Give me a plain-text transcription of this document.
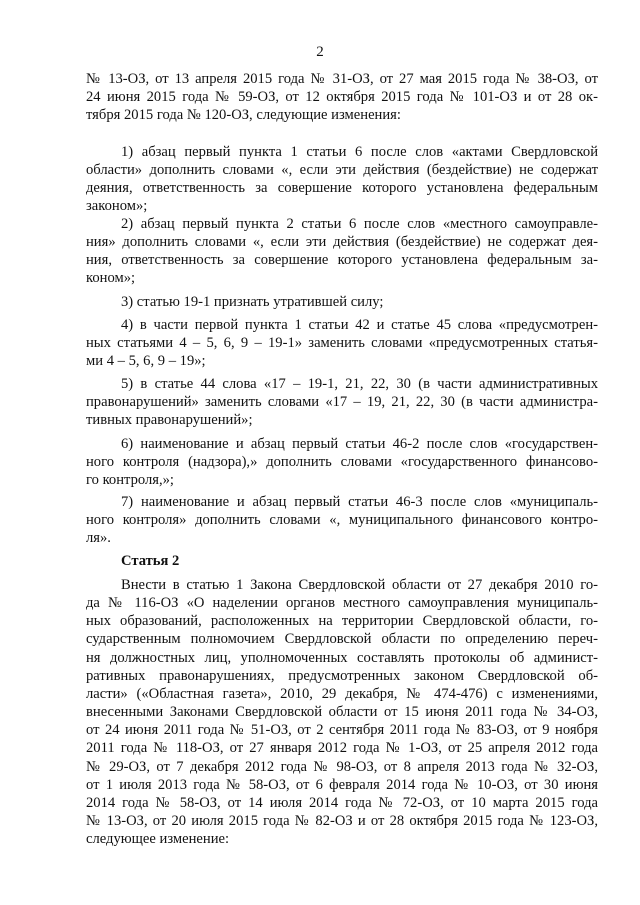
2
№ 13-ОЗ, от 13 апреля 2015 года № 31-ОЗ, от 27 мая 2015 года № 38-ОЗ, от
24 июня 2015 года № 59-ОЗ, от 12 октября 2015 года № 101-ОЗ и от 28 ок-
тября 2015 года № 120-ОЗ, следующие изменения:
1) абзац первый пункта 1 статьи 6 после слов «актами Свердловской
области» дополнить словами «, если эти действия (бездействие) не содержат
деяния, ответственность за совершение которого установлена федеральным
законом»;
2) абзац первый пункта 2 статьи 6 после слов «местного самоуправле-
ния» дополнить словами «, если эти действия (бездействие) не содержат дея-
ния, ответственность за совершение которого установлена федеральным за-
коном»;
3) статью 19-1 признать утратившей силу;
4) в части первой пункта 1 статьи 42 и статье 45 слова «предусмотрен-
ных статьями 4 – 5, 6, 9 – 19-1» заменить словами «предусмотренных статья-
ми 4 – 5, 6, 9 – 19»;
5) в статье 44 слова «17 – 19-1, 21, 22, 30 (в части административных
правонарушений» заменить словами «17 – 19, 21, 22, 30 (в части администра-
тивных правонарушений»;
6) наименование и абзац первый статьи 46-2 после слов «государствен-
ного контроля (надзора),» дополнить словами «государственного финансово-
го контроля,»;
7) наименование и абзац первый статьи 46-3 после слов «муниципаль-
ного контроля» дополнить словами «, муниципального финансового контро-
ля».
Статья 2
Внести в статью 1 Закона Свердловской области от 27 декабря 2010 го-
да № 116-ОЗ «О наделении органов местного самоуправления муниципаль-
ных образований, расположенных на территории Свердловской области, го-
сударственным полномочием Свердловской области по определению переч-
ня должностных лиц, уполномоченных составлять протоколы об админист-
ративных правонарушениях, предусмотренных законом Свердловской об-
ласти» («Областная газета», 2010, 29 декабря, № 474-476) с изменениями,
внесенными Законами Свердловской области от 15 июня 2011 года № 34-ОЗ,
от 24 июня 2011 года № 51-ОЗ, от 2 сентября 2011 года № 83-ОЗ, от 9 ноября
2011 года № 118-ОЗ, от 27 января 2012 года № 1-ОЗ, от 25 апреля 2012 года
№ 29-ОЗ, от 7 декабря 2012 года № 98-ОЗ, от 8 апреля 2013 года № 32-ОЗ,
от 1 июля 2013 года № 58-ОЗ, от 6 февраля 2014 года № 10-ОЗ, от 30 июня
2014 года № 58-ОЗ, от 14 июля 2014 года № 72-ОЗ, от 10 марта 2015 года
№ 13-ОЗ, от 20 июля 2015 года № 82-ОЗ и от 28 октября 2015 года № 123-ОЗ,
следующее изменение:
